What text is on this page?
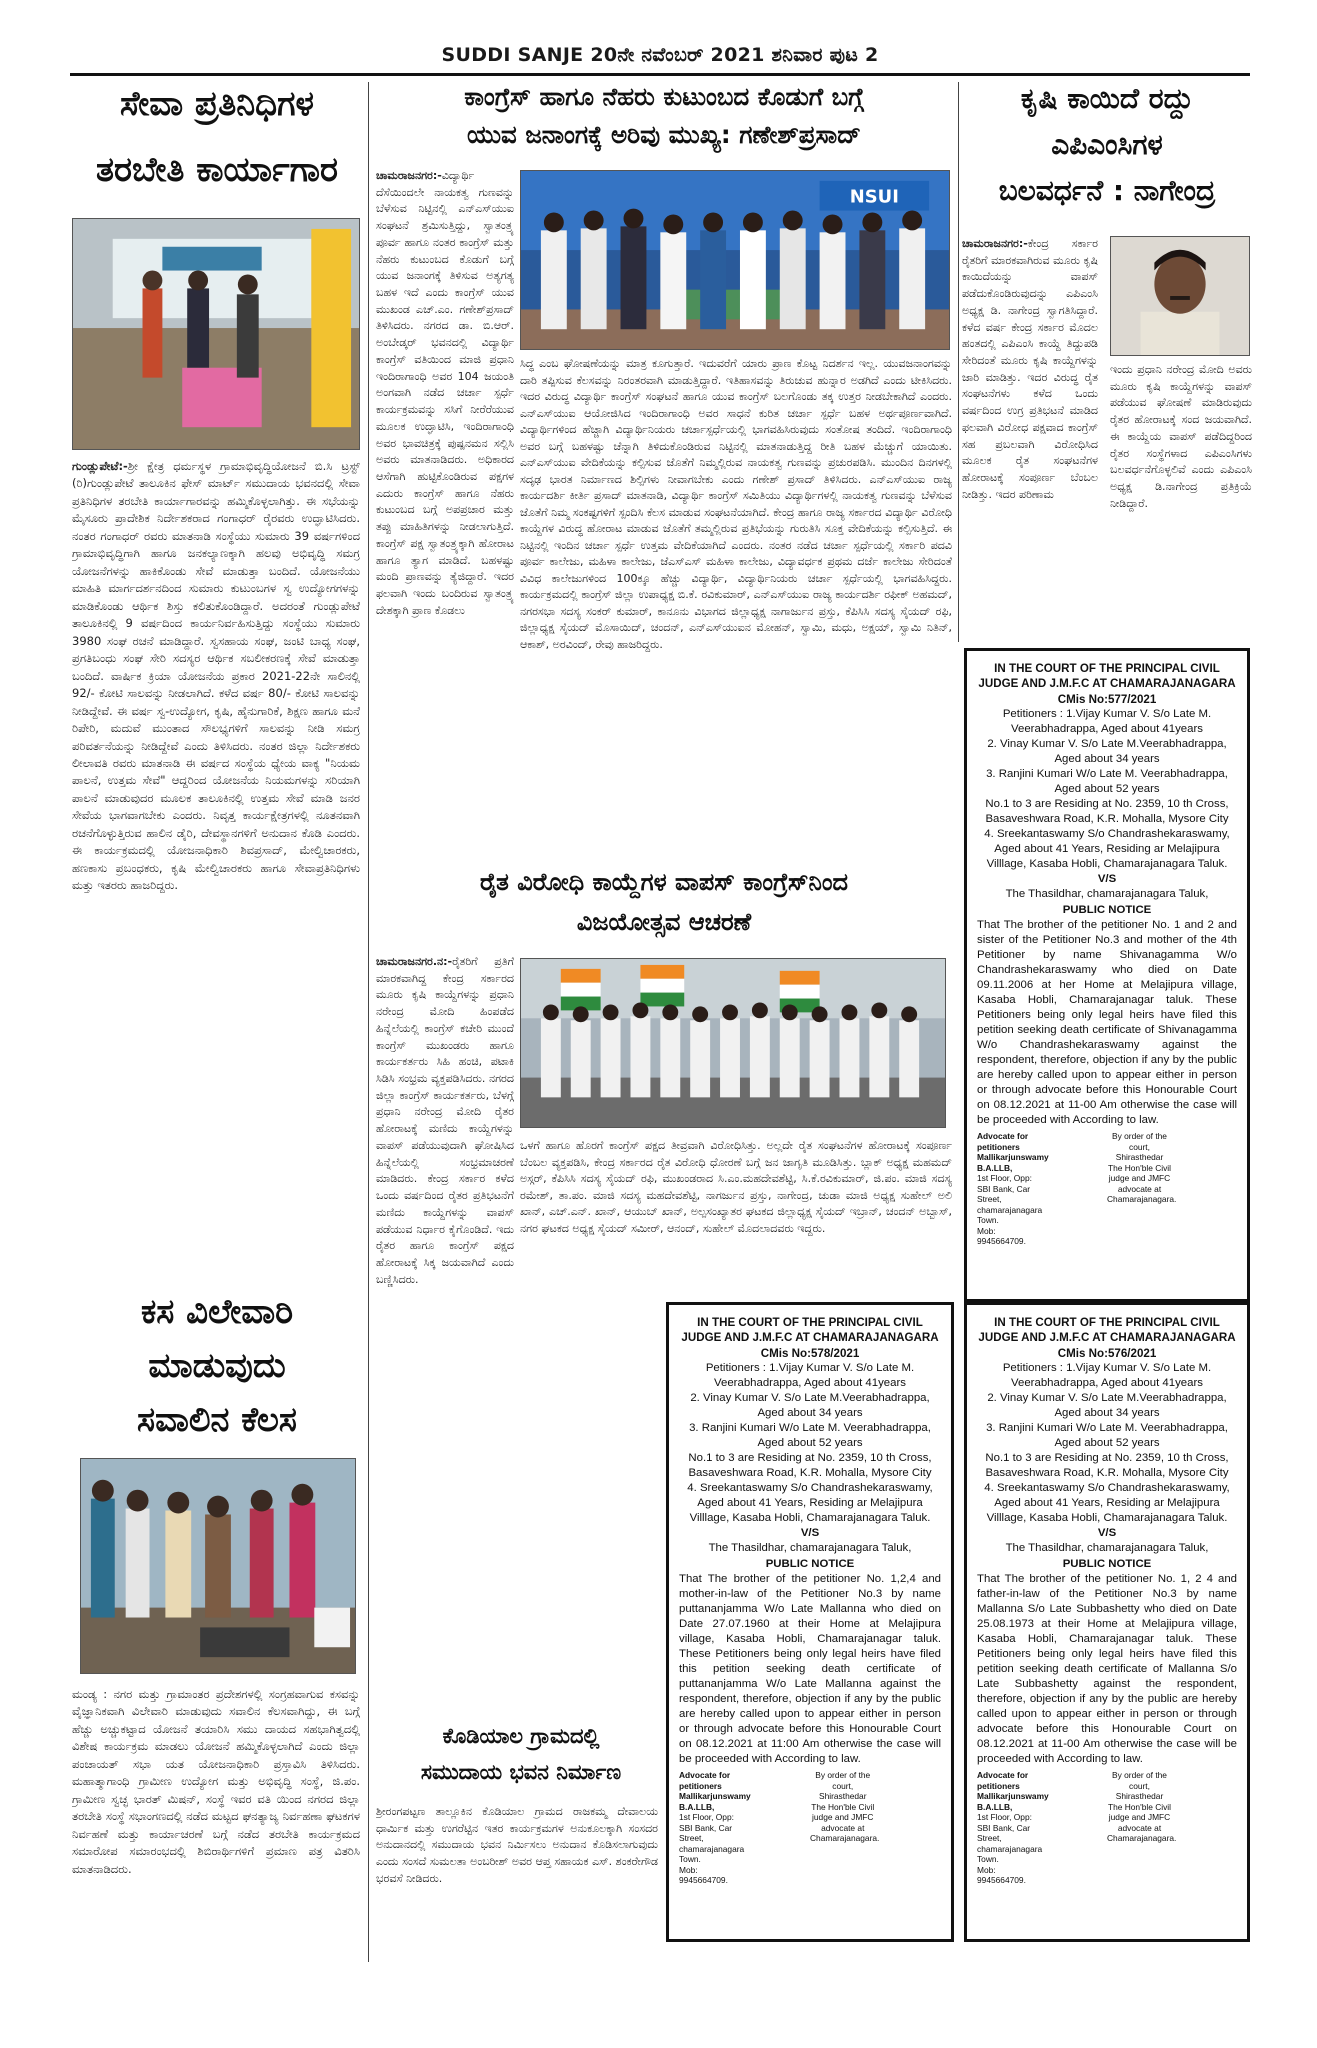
SUDDI SANJE 20ನೇ ನವೆಂಬರ್ 2021 ಶನಿವಾರ ಪುಟ 2
ಸೇವಾ ಪ್ರತಿನಿಧಿಗಳ
ತರಬೇತಿ ಕಾರ್ಯಾಗಾರ
ಗುಂಡ್ಲುಪೇಟೆ:-ಶ್ರೀ ಕ್ಷೇತ್ರ ಧರ್ಮಸ್ಥಳ ಗ್ರಾಮಾಭಿವೃದ್ಧಿಯೋಜನೆ ಬಿ.ಸಿ ಟ್ರಸ್ಟ್ (ರಿ)ಗುಂಡ್ಲುಪೇಟೆ ತಾಲೂಕಿನ ಫೇಸ್ ಮಾರ್ಟ್ ಸಮುದಾಯ ಭವನದಲ್ಲಿ ಸೇವಾ ಪ್ರತಿನಿಧಿಗಳ ತರಬೇತಿ ಕಾರ್ಯಾಗಾರವನ್ನು ಹಮ್ಮಿಕೊಳ್ಳಲಾಗಿತ್ತು. ಈ ಸಭೆಯನ್ನು ಮೈಸೂರು ಪ್ರಾದೇಶಿಕ ನಿರ್ದೇಶಕರಾದ ಗಂಗಾಧರ್ ರೈರವರು ಉದ್ಘಾಟಿಸಿದರು. ನಂತರ ಗಂಗಾಧರ್ ರವರು ಮಾತನಾಡಿ ಸಂಸ್ಥೆಯು ಸುಮಾರು 39 ವರ್ಷಗಳಿಂದ ಗ್ರಾಮಾಭಿವೃದ್ಧಿಗಾಗಿ ಹಾಗೂ ಜನಕಲ್ಯಾಣಕ್ಕಾಗಿ ಹಲವು ಅಭಿವೃದ್ಧಿ ಸಮಗ್ರ ಯೋಜನೆಗಳನ್ನು ಹಾಕಿಕೊಂಡು ಸೇವೆ ಮಾಡುತ್ತಾ ಬಂದಿದೆ. ಯೋಜನೆಯು ಮಾಹಿತಿ ಮಾರ್ಗದರ್ಶನದಿಂದ ಸುಮಾರು ಕುಟುಂಬಗಳ ಸ್ವ ಉದ್ಯೋಗಗಳನ್ನು ಮಾಡಿಕೊಂಡು ಆರ್ಥಿಕ ಶಿಸ್ತು ಕಲಿತುಕೊಂಡಿದ್ದಾರೆ. ಅದರಂತೆ ಗುಂಡ್ಲುಪೇಟೆ ತಾಲೂಕಿನಲ್ಲಿ 9 ವರ್ಷದಿಂದ ಕಾರ್ಯನಿರ್ವಹಿಸುತ್ತಿದ್ದು ಸಂಸ್ಥೆಯು ಸುಮಾರು 3980 ಸಂಘ ರಚನೆ ಮಾಡಿದ್ದಾರೆ. ಸ್ವಸಹಾಯ ಸಂಘ, ಜಂಟಿ ಬಾಧ್ಯ ಸಂಘ, ಪ್ರಗತಿಬಂಧು ಸಂಘ ಸೇರಿ ಸದಸ್ಯರ ಆರ್ಥಿಕ ಸಬಲೀಕರಣಕ್ಕೆ ಸೇವೆ ಮಾಡುತ್ತಾ ಬಂದಿದೆ. ವಾರ್ಷಿಕ ಕ್ರಿಯಾ ಯೋಜನೆಯ ಪ್ರಕಾರ 2021-22ನೇ ಸಾಲಿನಲ್ಲಿ 92/- ಕೋಟಿ ಸಾಲವನ್ನು ನೀಡಲಾಗಿದೆ. ಕಳೆದ ವರ್ಷ 80/- ಕೋಟಿ ಸಾಲವನ್ನು ನೀಡಿದ್ದೇವೆ. ಈ ವರ್ಷ ಸ್ವ-ಉದ್ಯೋಗ, ಕೃಷಿ, ಹೈನುಗಾರಿಕೆ, ಶಿಕ್ಷಣ ಹಾಗೂ ಮನೆ ರಿಪೇರಿ, ಮದುವೆ ಮುಂತಾದ ಸೌಲಭ್ಯಗಳಿಗೆ ಸಾಲವನ್ನು ನೀಡಿ ಸಮಗ್ರ ಪರಿವರ್ತನೆಯನ್ನು ನೀಡಿದ್ದೇವೆ ಎಂದು ತಿಳಿಸಿದರು. ನಂತರ ಜಿಲ್ಲಾ ನಿರ್ದೇಶಕರು ಲೀಲಾವತಿ ರವರು ಮಾತನಾಡಿ ಈ ವರ್ಷದ ಸಂಸ್ಥೆಯ ಧ್ಯೇಯ ವಾಕ್ಯ "ನಿಯಮ ಪಾಲನೆ, ಉತ್ತಮ ಸೇವೆ" ಆದ್ದರಿಂದ ಯೋಜನೆಯ ನಿಯಮಗಳನ್ನು ಸರಿಯಾಗಿ ಪಾಲನೆ ಮಾಡುವುದರ ಮೂಲಕ ತಾಲೂಕಿನಲ್ಲಿ ಉತ್ತಮ ಸೇವೆ ಮಾಡಿ ಜನರ ಸೇವೆಯ ಭಾಗವಾಗಬೇಕು ಎಂದರು. ನಿವೃತ್ತ ಕಾರ್ಯಕ್ಷೇತ್ರಗಳಲ್ಲಿ ನೂತನವಾಗಿ ರಚನೆಗೊಳ್ಳುತ್ತಿರುವ ಹಾಲಿನ ಡೈರಿ, ದೇವಸ್ಥಾನಗಳಿಗೆ ಅನುದಾನ ಕೊಡಿ ಎಂದರು. ಈ ಕಾರ್ಯಕ್ರಮದಲ್ಲಿ ಯೋಜನಾಧಿಕಾರಿ ಶಿವಪ್ರಸಾದ್, ಮೇಲ್ವಿಚಾರಕರು, ಹಣಕಾಸು ಪ್ರಬಂಧಕರು, ಕೃಷಿ ಮೇಲ್ವಿಚಾರಕರು ಹಾಗೂ ಸೇವಾಪ್ರತಿನಿಧಿಗಳು ಮತ್ತು ಇತರರು ಹಾಜರಿದ್ದರು.
ಕಸ ವಿಲೇವಾರಿ
ಮಾಡುವುದು
ಸವಾಲಿನ ಕೆಲಸ
ಮಂಡ್ಯ : ನಗರ ಮತ್ತು ಗ್ರಾಮಾಂತರ ಪ್ರದೇಶಗಳಲ್ಲಿ ಸಂಗ್ರಹವಾಗುವ ಕಸವನ್ನು ವೈಜ್ಞಾನಿಕವಾಗಿ ವಿಲೇವಾರಿ ಮಾಡುವುದು ಸವಾಲಿನ ಕೆಲಸವಾಗಿದ್ದು, ಈ ಬಗ್ಗೆ ಹೆಚ್ಚು ಅಚ್ಚುಕಟ್ಟಾದ ಯೋಜನೆ ತಯಾರಿಸಿ ಸಮು ದಾಯದ ಸಹಭಾಗಿತ್ವದಲ್ಲಿ ವಿಶೇಷ ಕಾರ್ಯಕ್ರಮ ಮಾಡಲು ಯೋಜನೆ ಹಮ್ಮಿಕೊಳ್ಳಲಾಗಿದೆ ಎಂದು ಜಿಲ್ಲಾ ಪಂಚಾಯತ್ ಸಭಾ ಯತ ಯೋಜನಾಧಿಕಾರಿ ಪ್ರಸ್ತಾವಿಸಿ ತಿಳಿಸಿದರು. ಮಹಾತ್ಮಾಗಾಂಧಿ ಗ್ರಾಮೀಣ ಉದ್ಯೋಗ ಮತ್ತು ಅಭಿವೃದ್ಧಿ ಸಂಸ್ಥೆ, ಜಿ.ಪಂ. ಗ್ರಾಮೀಣ ಸ್ವಚ್ಛ ಭಾರತ್ ಮಿಷನ್, ಸಂಸ್ಥೆ ಇವರ ವತಿ ಯಿಂದ ನಗರದ ಜಿಲ್ಲಾ ತರಬೇತಿ ಸಂಸ್ಥೆ ಸಭಾಂಗಣದಲ್ಲಿ ನಡೆದ ಮಟ್ಟದ ಘನತ್ಯಾಜ್ಯ ನಿರ್ವಹಣಾ ಘಟಕಗಳ ನಿರ್ವಹಣೆ ಮತ್ತು ಕಾರ್ಯಾಚರಣೆ ಬಗ್ಗೆ ನಡೆದ ತರಬೇತಿ ಕಾರ್ಯಕ್ರಮದ ಸಮಾರೋಪ ಸಮಾರಂಭದಲ್ಲಿ ಶಿಬಿರಾರ್ಥಿಗಳಿಗೆ ಪ್ರಮಾಣ ಪತ್ರ ವಿತರಿಸಿ ಮಾತನಾಡಿದರು.
ಕಾಂಗ್ರೆಸ್ ಹಾಗೂ ನೆಹರು ಕುಟುಂಬದ ಕೊಡುಗೆ ಬಗ್ಗೆ
ಯುವ ಜನಾಂಗಕ್ಕೆ ಅರಿವು ಮುಖ್ಯ: ಗಣೇಶ್‌ಪ್ರಸಾದ್
ಚಾಮರಾಜನಗರ:-ವಿದ್ಯಾರ್ಥಿ ದೆಸೆಯಿಂದಲೇ ನಾಯಕತ್ವ ಗುಣವನ್ನು ಬೆಳೆಸುವ ನಿಟ್ಟಿನಲ್ಲಿ ಎನ್‌ಎಸ್‌ಯುಐ ಸಂಘಟನೆ ಶ್ರಮಿಸುತ್ತಿದ್ದು, ಸ್ವಾತಂತ್ರ್ಯ ಪೂರ್ವ ಹಾಗೂ ನಂತರ ಕಾಂಗ್ರೆಸ್ ಮತ್ತು ನೆಹರು ಕುಟುಂಬದ ಕೊಡುಗೆ ಬಗ್ಗೆ ಯುವ ಜನಾಂಗಕ್ಕೆ ತಿಳಿಸುವ ಅತ್ಯಗತ್ಯ ಬಹಳ ಇದೆ ಎಂದು ಕಾಂಗ್ರೆಸ್ ಯುವ ಮುಖಂಡ ಎಚ್.ಎಂ. ಗಣೇಶ್‌ಪ್ರಸಾದ್ ತಿಳಿಸಿದರು. ನಗರದ ಡಾ. ಬಿ.ಆರ್. ಅಂಬೇಡ್ಕರ್ ಭವನದಲ್ಲಿ ವಿದ್ಯಾರ್ಥಿ ಕಾಂಗ್ರೆಸ್ ವತಿಯಿಂದ ಮಾಜಿ ಪ್ರಧಾನಿ ಇಂದಿರಾಗಾಂಧಿ ಅವರ 104 ಜಯಂತಿ ಅಂಗವಾಗಿ ನಡೆದ ಚರ್ಚಾ ಸ್ಪರ್ಧೆ ಕಾರ್ಯಕ್ರಮವನ್ನು ಸಸಿಗೆ ನೀರೆರೆಯುವ ಮೂಲಕ ಉದ್ಘಾಟಿಸಿ, ಇಂದಿರಾಗಾಂಧಿ ಅವರ ಭಾವಚಿತ್ರಕ್ಕೆ ಪುಷ್ಪನಮನ ಸಲ್ಲಿಸಿ ಅವರು ಮಾತನಾಡಿದರು. ಅಧಿಕಾರದ ಆಸೆಗಾಗಿ ಹುಟ್ಟಿಕೊಂಡಿರುವ ಪಕ್ಷಗಳ ಎದುರು ಕಾಂಗ್ರೆಸ್ ಹಾಗೂ ನೆಹರು ಕುಟುಂಬದ ಬಗ್ಗೆ ಅಪಪ್ರಚಾರ ಮತ್ತು ತಪ್ಪು ಮಾಹಿತಿಗಳನ್ನು ನೀಡಲಾಗುತ್ತಿದೆ. ಕಾಂಗ್ರೆಸ್ ಪಕ್ಷ ಸ್ವಾತಂತ್ರ್ಯಕ್ಕಾಗಿ ಹೋರಾಟ ಹಾಗೂ ತ್ಯಾಗ ಮಾಡಿದೆ. ಬಹಳಷ್ಟು ಮಂದಿ ಪ್ರಾಣವನ್ನು ತ್ಯೆಜಿದ್ದಾರೆ. ಇದರ ಫಲವಾಗಿ ಇಂದು ಬಂದಿರುವ ಸ್ವಾತಂತ್ರ್ಯ ದೇಶಕ್ಕಾಗಿ ಪ್ರಾಣ ಕೊಡಲು
NSUI
ಸಿದ್ಧ ಎಂಬ ಘೋಷಣೆಯನ್ನು ಮಾತ್ರ ಕೂಗುತ್ತಾರೆ. ಇದುವರೆಗೆ ಯಾರು ಪ್ರಾಣ ಕೊಟ್ಟ ನಿದರ್ಶನ ಇಲ್ಲ. ಯುವಜನಾಂಗವನ್ನು ದಾರಿ ತಪ್ಪಿಸುವ ಕೆಲಸವನ್ನು ನಿರಂತರವಾಗಿ ಮಾಡುತ್ತಿದ್ದಾರೆ. ಇತಿಹಾಸವನ್ನು ತಿರುಚುವ ಹುನ್ನಾರ ಅಡಗಿದೆ ಎಂದು ಟೀಕಿಸಿದರು. ಇದರ ವಿರುದ್ಧ ವಿದ್ಯಾರ್ಥಿ ಕಾಂಗ್ರೆಸ್ ಸಂಘಟನೆ ಹಾಗೂ ಯುವ ಕಾಂಗ್ರೆಸ್ ಬಲಗೊಂಡು ತಕ್ಕ ಉತ್ತರ ನೀಡಬೇಕಾಗಿದೆ ಎಂದರು. ಎನ್‌ಎಸ್‌ಯುಐ ಆಯೋಜಿಸಿದ ಇಂದಿರಾಗಾಂಧಿ ಅವರ ಸಾಧನೆ ಕುರಿತ ಚರ್ಚಾ ಸ್ಪರ್ಧೆ ಬಹಳ ಅರ್ಥಪೂರ್ಣವಾಗಿದೆ. ವಿದ್ಯಾರ್ಥಿಗಳಿಂದ ಹೆಚ್ಚಾಗಿ ವಿದ್ಯಾರ್ಥಿನಿಯರು ಚರ್ಚಾಸ್ಪರ್ಧೆಯಲ್ಲಿ ಭಾಗವಹಿಸಿರುವುದು ಸಂತೋಷ ತಂದಿದೆ. ಇಂದಿರಾಗಾಂಧಿ ಅವರ ಬಗ್ಗೆ ಬಹಳಷ್ಟು ಚೆನ್ನಾಗಿ ತಿಳಿದುಕೊಂಡಿರುವ ನಿಟ್ಟಿನಲ್ಲಿ ಮಾತನಾಡುತ್ತಿದ್ದ ರೀತಿ ಬಹಳ ಮೆಚ್ಚುಗೆ ಯಾಯಿತು. ಎನ್‌ಎಸ್‌ಯುಐ ವೇದಿಕೆಯನ್ನು ಕಲ್ಪಿಸುವ ಜೊತೆಗೆ ನಿಮ್ಮಲ್ಲಿರುವ ನಾಯಕತ್ವ ಗುಣವನ್ನು ಪ್ರಚುರಪಡಿಸಿ. ಮುಂದಿನ ದಿನಗಳಲ್ಲಿ ಸದೃಢ ಭಾರತ ನಿರ್ಮಾಣದ ಶಿಲ್ಪಿಗಳು ನೀವಾಗಬೇಕು ಎಂದು ಗಣೇಶ್ ಪ್ರಸಾದ್ ತಿಳಿಸಿದರು. ಎನ್‌ಎಸ್‌ಯುಐ ರಾಜ್ಯ ಕಾರ್ಯದರ್ಶಿ ಕೀರ್ತಿ ಪ್ರಸಾದ್ ಮಾತನಾಡಿ, ವಿದ್ಯಾರ್ಥಿ ಕಾಂಗ್ರೆಸ್ ಸಮಿತಿಯು ವಿದ್ಯಾರ್ಥಿಗಳಲ್ಲಿ ನಾಯಕತ್ವ ಗುಣವನ್ನು ಬೆಳೆಸುವ ಜೊತೆಗೆ ನಿಮ್ಮ ಸಂಕಷ್ಟಗಳಿಗೆ ಸ್ಪಂದಿಸಿ ಕೆಲಸ ಮಾಡುವ ಸಂಘಟನೆಯಾಗಿದೆ. ಕೇಂದ್ರ ಹಾಗೂ ರಾಜ್ಯ ಸರ್ಕಾರದ ವಿದ್ಯಾರ್ಥಿ ವಿರೋಧಿ ಕಾಯ್ದೆಗಳ ವಿರುದ್ಧ ಹೋರಾಟ ಮಾಡುವ ಜೊತೆಗೆ ತಮ್ಮಲ್ಲಿರುವ ಪ್ರತಿಭೆಯನ್ನು ಗುರುತಿಸಿ ಸೂಕ್ತ ವೇದಿಕೆಯನ್ನು ಕಲ್ಪಿಸುತ್ತಿದೆ. ಈ ನಿಟ್ಟಿನಲ್ಲಿ ಇಂದಿನ ಚರ್ಚಾ ಸ್ಪರ್ಧೆ ಉತ್ತಮ ವೇದಿಕೆಯಾಗಿದೆ ಎಂದರು. ನಂತರ ನಡೆದ ಚರ್ಚಾ ಸ್ಪರ್ಧೆಯಲ್ಲಿ ಸರ್ಕಾರಿ ಪದವಿ ಪೂರ್ವ ಕಾಲೇಜು, ಮಹಿಳಾ ಕಾಲೇಜು, ಜೆಎಸ್‌ಎಸ್ ಮಹಿಳಾ ಕಾಲೇಜು, ವಿದ್ಯಾವರ್ಧಕ ಪ್ರಥಮ ದರ್ಜೆ ಕಾಲೇಜು ಸೇರಿದಂತೆ ವಿವಿಧ ಕಾಲೇಜುಗಳಿಂದ 100ಕ್ಕೂ ಹೆಚ್ಚು ವಿದ್ಯಾರ್ಥಿ, ವಿದ್ಯಾರ್ಥಿನಿಯರು ಚರ್ಚಾ ಸ್ಪರ್ಧೆಯಲ್ಲಿ ಭಾಗವಹಿಸಿದ್ದರು. ಕಾರ್ಯಕ್ರಮದಲ್ಲಿ ಕಾಂಗ್ರೆಸ್ ಜಿಲ್ಲಾ ಉಪಾಧ್ಯಕ್ಷ ಬಿ.ಕೆ. ರವಿಕುಮಾರ್, ಎನ್‌ಎಸ್‌ಯುಐ ರಾಜ್ಯ ಕಾರ್ಯದರ್ಶಿ ರಫೀಕ್ ಅಹಮದ್, ನಗರಸಭಾ ಸದಸ್ಯ ಸಂಕರ್ ಕುಮಾರ್, ಕಾನೂನು ವಿಭಾಗದ ಜಿಲ್ಲಾಧ್ಯಕ್ಷ ನಾಗಾರ್ಜುನ ಪ್ರಸ್ತು, ಕೆಪಿಸಿಸಿ ಸದಸ್ಯ ಸೈಯದ್ ರಫಿ, ಜಿಲ್ಲಾಧ್ಯಕ್ಷ ಸೈಯದ್ ಮೊಸಾಯಿದ್, ಚಂದನ್, ಎನ್‌ಎಸ್‌ಯುಐನ ಮೋಹನ್, ಸ್ವಾಮಿ, ಮಧು, ಅಕ್ಷಯ್, ಸ್ವಾಮಿ ನಿತಿನ್, ಆಕಾಶ್, ಅರವಿಂದ್, ರೇವು ಹಾಜರಿದ್ದರು.
ರೈತ ವಿರೋಧಿ ಕಾಯ್ದೆಗಳ ವಾಪಸ್ ಕಾಂಗ್ರೆಸ್‌ನಿಂದ
ವಿಜಯೋತ್ಸವ ಆಚರಣೆ
ಚಾಮರಾಜನಗರ.ನ:-ರೈತರಿಗೆ ಪ್ರತಿಗೆ ಮಾರಕವಾಗಿದ್ದ ಕೇಂದ್ರ ಸರ್ಕಾರದ ಮೂರು ಕೃಷಿ ಕಾಯ್ದೆಗಳನ್ನು ಪ್ರಧಾನಿ ನರೇಂದ್ರ ಮೋದಿ ಹಿಂಪಡೆದ ಹಿನ್ನೆಲೆಯಲ್ಲಿ ಕಾಂಗ್ರೆಸ್ ಕಚೇರಿ ಮುಂದೆ ಕಾಂಗ್ರೆಸ್ ಮುಖಂಡರು ಹಾಗೂ ಕಾರ್ಯಕರ್ತರು ಸಿಹಿ ಹಂಚಿ, ಪಟಾಕಿ ಸಿಡಿಸಿ ಸಂಭ್ರಮ ವ್ಯಕ್ತಪಡಿಸಿದರು. ನಗರದ ಜಿಲ್ಲಾ ಕಾಂಗ್ರೆಸ್ ಕಾರ್ಯಕರ್ತರು, ಬೆಳಗ್ಗೆ ಪ್ರಧಾನಿ ನರೇಂದ್ರ ಮೋದಿ ರೈತರ ಹೋರಾಟಕ್ಕೆ ಮಣಿದು ಕಾಯ್ದೆಗಳನ್ನು ವಾಪಸ್ ಪಡೆಯುವುದಾಗಿ ಘೋಷಿಸಿದ ಹಿನ್ನೆಲೆಯಲ್ಲಿ ಸಂಭ್ರಮಾಚರಣೆ ಮಾಡಿದರು. ಕೇಂದ್ರ ಸರ್ಕಾರ ಕಳೆದ ಒಂದು ವರ್ಷದಿಂದ ರೈತರ ಪ್ರತಿಭಟನೆಗೆ ಮಣಿದು ಕಾಯ್ದೆಗಳನ್ನು ವಾಪಸ್ ಪಡೆಯುವ ನಿರ್ಧಾರ ಕೈಗೊಂಡಿದೆ. ಇದು ರೈತರ ಹಾಗೂ ಕಾಂಗ್ರೆಸ್ ಪಕ್ಷದ ಹೋರಾಟಕ್ಕೆ ಸಿಕ್ಕ ಜಯವಾಗಿದೆ ಎಂದು ಬಣ್ಣಿಸಿದರು.
ಒಳಗೆ ಹಾಗೂ ಹೊರಗೆ ಕಾಂಗ್ರೆಸ್ ಪಕ್ಷದ ತೀವ್ರವಾಗಿ ವಿರೋಧಿಸಿತ್ತು. ಅಲ್ಲದೇ ರೈತ ಸಂಘಟನೆಗಳ ಹೋರಾಟಕ್ಕೆ ಸಂಪೂರ್ಣ ಬೆಂಬಲ ವ್ಯಕ್ತಪಡಿಸಿ, ಕೇಂದ್ರ ಸರ್ಕಾರದ ರೈತ ವಿರೋಧಿ ಧೋರಣೆ ಬಗ್ಗೆ ಜನ ಜಾಗೃತಿ ಮೂಡಿಸಿತ್ತು. ಬ್ಲಾಕ್ ಅಧ್ಯಕ್ಷ ಮಹಮದ್ ಅಸ್ಗರ್, ಕೆಪಿಸಿಸಿ ಸದಸ್ಯ ಸೈಯದ್ ರಫಿ, ಮುಖಂಡರಾದ ಸಿ.ಎಂ.ಮಹದೇವಶೆಟ್ಟಿ, ಸಿ.ಕೆ.ರವಿಕುಮಾರ್, ಜಿ.ಪಂ. ಮಾಜಿ ಸದಸ್ಯ ರಮೇಶ್, ತಾ.ಪಂ. ಮಾಜಿ ಸದಸ್ಯ ಮಹದೇವಶೆಟ್ಟಿ, ನಾಗರ್ಜುನ ಪ್ರಸ್ತು, ನಾಗೇಂದ್ರ, ಚುಡಾ ಮಾಜಿ ಅಧ್ಯಕ್ಷ ಸುಹೇಲ್ ಅಲಿ ಖಾನ್, ಎಚ್.ಎನ್. ಖಾನ್, ಆಯುಬ್ ಖಾನ್, ಅಲ್ಪಸಂಖ್ಯಾತರ ಘಟಕದ ಜಿಲ್ಲಾಧ್ಯಕ್ಷ ಸೈಯದ್ ಇಬ್ರಾನ್, ಚಂದನ್ ಅಬ್ಬಾಸ್, ನಗರ ಘಟಕದ ಅಧ್ಯಕ್ಷ ಸೈಯದ್ ಸಮೀರ್, ಆನಂದ್, ಸುಹೇಲ್ ಮೊದಲಾದವರು ಇದ್ದರು.
ಕೊಡಿಯಾಲ ಗ್ರಾಮದಲ್ಲಿ
ಸಮುದಾಯ ಭವನ ನಿರ್ಮಾಣ
ಶ್ರೀರಂಗಪಟ್ಟಣ ತಾಲ್ಲೂಕಿನ ಕೊಡಿಯಾಲ ಗ್ರಾಮದ ರಾಜಕಮ್ಮ ದೇವಾಲಯ ಧಾರ್ಮಿಕ ಮತ್ತು ಉಗರೆಟ್ಟಿನ ಇತರ ಕಾರ್ಯಕ್ರಮಗಳ ಅನುಕೂಲಕ್ಕಾಗಿ ಸಂಸದರ ಅನುದಾನದಲ್ಲಿ ಸಮುದಾಯ ಭವನ ನಿರ್ಮಿಸಲು ಅನುದಾನ ಕೊಡಿಸಲಾಗುವುದು ಎಂದು ಸಂಸದೆ ಸುಮಲತಾ ಅಂಬರೀಶ್ ಅವರ ಆಪ್ತ ಸಹಾಯಕ ಎಸ್. ಶಂಕರೇಗೌಡ ಭರವಸೆ ನೀಡಿದರು.
ಕೃಷಿ ಕಾಯಿದೆ ರದ್ದು
ಎಪಿಎಂಸಿಗಳ
ಬಲವರ್ಧನೆ : ನಾಗೇಂದ್ರ
ಚಾಮರಾಜನಗರ:-ಕೇಂದ್ರ ಸರ್ಕಾರ ರೈತರಿಗೆ ಮಾರಕವಾಗಿರುವ ಮೂರು ಕೃಷಿ ಕಾಯಿದೆಯನ್ನು ವಾಪಸ್ ಪಡೆದುಕೊಂಡಿರುವುದನ್ನು ಎಪಿಎಂಸಿ ಅಧ್ಯಕ್ಷ ಡಿ. ನಾಗೇಂದ್ರ ಸ್ವಾಗತಿಸಿದ್ದಾರೆ. ಕಳೆದ ವರ್ಷ ಕೇಂದ್ರ ಸರ್ಕಾರ ಮೊದಲ ಹಂತದಲ್ಲಿ ಎಪಿಎಂಸಿ ಕಾಯ್ದೆ ತಿದ್ದುಪಡಿ ಸೇರಿದಂತೆ ಮೂರು ಕೃಷಿ ಕಾಯ್ದೆಗಳನ್ನು ಜಾರಿ ಮಾಡಿತ್ತು. ಇದರ ವಿರುದ್ಧ ರೈತ ಸಂಘಟನೆಗಳು ಕಳೆದ ಒಂದು ವರ್ಷದಿಂದ ಉಗ್ರ ಪ್ರತಿಭಟನೆ ಮಾಡಿದ ಫಲವಾಗಿ ವಿರೋಧ ಪಕ್ಷವಾದ ಕಾಂಗ್ರೆಸ್ ಸಹ ಪ್ರಬಲವಾಗಿ ವಿರೋಧಿಸಿದ ಮೂಲಕ ರೈತ ಸಂಘಟನೆಗಳ ಹೋರಾಟಕ್ಕೆ ಸಂಪೂರ್ಣ ಬೆಂಬಲ ನೀಡಿತ್ತು. ಇದರ ಪರಿಣಾಮ
ಇಂದು ಪ್ರಧಾನಿ ನರೇಂದ್ರ ಮೋದಿ ಅವರು ಮೂರು ಕೃಷಿ ಕಾಯ್ದೆಗಳನ್ನು ವಾಪಸ್ ಪಡೆಯುವ ಘೋಷಣೆ ಮಾಡಿರುವುದು ರೈತರ ಹೋರಾಟಕ್ಕೆ ಸಂದ ಜಯವಾಗಿದೆ. ಈ ಕಾಯ್ದೆಯ ವಾಪಸ್ ಪಡೆದಿದ್ದರಿಂದ ರೈತರ ಸಂಸ್ಥೆಗಳಾದ ಎಪಿಎಂಸಿಗಳು ಬಲವರ್ಧನೆಗೊಳ್ಳಲಿವೆ ಎಂದು ಎಪಿಎಂಸಿ ಅಧ್ಯಕ್ಷ ಡಿ.ನಾಗೇಂದ್ರ ಪ್ರತಿಕ್ರಿಯೆ ನೀಡಿದ್ದಾರೆ.
IN THE COURT OF THE PRINCIPAL CIVIL JUDGE AND J.M.F.C AT CHAMARAJANAGARA
CMis No:577/2021
Petitioners : 1.Vijay Kumar V. S/o Late M. Veerabhadrappa, Aged about 41years
2. Vinay Kumar V. S/o Late M.Veerabhadrappa, Aged about 34 years
3. Ranjini Kumari W/o Late M. Veerabhadrappa, Aged about 52 years
No.1 to 3 are Residing at No. 2359, 10 th Cross, Basaveshwara Road, K.R. Mohalla, Mysore City
4. Sreekantaswamy S/o Chandrashekaraswamy, Aged about 41 Years, Residing ar Melajipura Villlage, Kasaba Hobli, Chamarajanagara Taluk.
V/S
The Thasildhar, chamarajanagara Taluk,
PUBLIC NOTICE
That The brother of the petitioner No. 1 and 2 and sister of the Petitioner No.3 and mother of the 4th Petitioner by name Shivanagamma W/o Chandrashekaraswamy who died on Date 09.11.2006 at her Home at Melajipura village, Kasaba Hobli, Chamarajanagar taluk. These Petitioners being only legal heirs have filed this petition seeking death certificate of Shivanagamma W/o Chandrashekaraswamy against the respondent, therefore, objection if any by the public are hereby called upon to appear either in person or through advocate before this Honourable Court on 08.12.2021 at 11-00 Am otherwise the case will be proceeded with According to law.
Advocate for petitioners
Mallikarjunswamy B.A.LLB,
1st Floor, Opp: SBI Bank, Car Street, chamarajanagara Town.
Mob: 9945664709.
By order of the court,
Shirasthedar
The Hon'ble Civil judge and JMFC advocate at Chamarajanagara.
IN THE COURT OF THE PRINCIPAL CIVIL JUDGE AND J.M.F.C AT CHAMARAJANAGARA
CMis No:578/2021
Petitioners : 1.Vijay Kumar V. S/o Late M. Veerabhadrappa, Aged about 41years
2. Vinay Kumar V. S/o Late M.Veerabhadrappa, Aged about 34 years
3. Ranjini Kumari W/o Late M. Veerabhadrappa, Aged about 52 years
No.1 to 3 are Residing at No. 2359, 10 th Cross, Basaveshwara Road, K.R. Mohalla, Mysore City
4. Sreekantaswamy S/o Chandrashekaraswamy, Aged about 41 Years, Residing ar Melajipura Villlage, Kasaba Hobli, Chamarajanagara Taluk.
V/S
The Thasildhar, chamarajanagara Taluk,
PUBLIC NOTICE
That The brother of the petitioner No. 1,2,4 and mother-in-law of the Petitioner No.3 by name puttananjamma W/o Late Mallanna who died on Date 27.07.1960 at their Home at Melajipura village, Kasaba Hobli, Chamarajanagar taluk. These Petitioners being only legal heirs have filed this petition seeking death certificate of puttananjamma W/o Late Mallanna against the respondent, therefore, objection if any by the public are hereby called upon to appear either in person or through advocate before this Honourable Court on 08.12.2021 at 11:00 Am otherwise the case will be proceeded with According to law.
Advocate for petitioners
Mallikarjunswamy B.A.LLB,
1st Floor, Opp: SBI Bank, Car Street, chamarajanagara Town.
Mob: 9945664709.
By order of the court,
Shirasthedar
The Hon'ble Civil judge and JMFC advocate at Chamarajanagara.
IN THE COURT OF THE PRINCIPAL CIVIL JUDGE AND J.M.F.C AT CHAMARAJANAGARA
CMis No:576/2021
Petitioners : 1.Vijay Kumar V. S/o Late M. Veerabhadrappa, Aged about 41years
2. Vinay Kumar V. S/o Late M.Veerabhadrappa, Aged about 34 years
3. Ranjini Kumari W/o Late M. Veerabhadrappa, Aged about 52 years
No.1 to 3 are Residing at No. 2359, 10 th Cross, Basaveshwara Road, K.R. Mohalla, Mysore City
4. Sreekantaswamy S/o Chandrashekaraswamy, Aged about 41 Years, Residing ar Melajipura Villlage, Kasaba Hobli, Chamarajanagara Taluk.
V/S
The Thasildhar, chamarajanagara Taluk,
PUBLIC NOTICE
That The brother of the petitioner No. 1, 2 4 and father-in-law of the Petitioner No.3 by name Mallanna S/o Late Subbashetty who died on Date 25.08.1973 at their Home at Melajipura village, Kasaba Hobli, Chamarajanagar taluk. These Petitioners being only legal heirs have filed this petition seeking death certificate of Mallanna S/o Late Subbashetty against the respondent, therefore, objection if any by the public are hereby called upon to appear either in person or through advocate before this Honourable Court on 08.12.2021 at 11-00 Am otherwise the case will be proceeded with According to law.
Advocate for petitioners
Mallikarjunswamy B.A.LLB,
1st Floor, Opp: SBI Bank, Car Street, chamarajanagara Town.
Mob: 9945664709.
By order of the court,
Shirasthedar
The Hon'ble Civil judge and JMFC advocate at Chamarajanagara.
